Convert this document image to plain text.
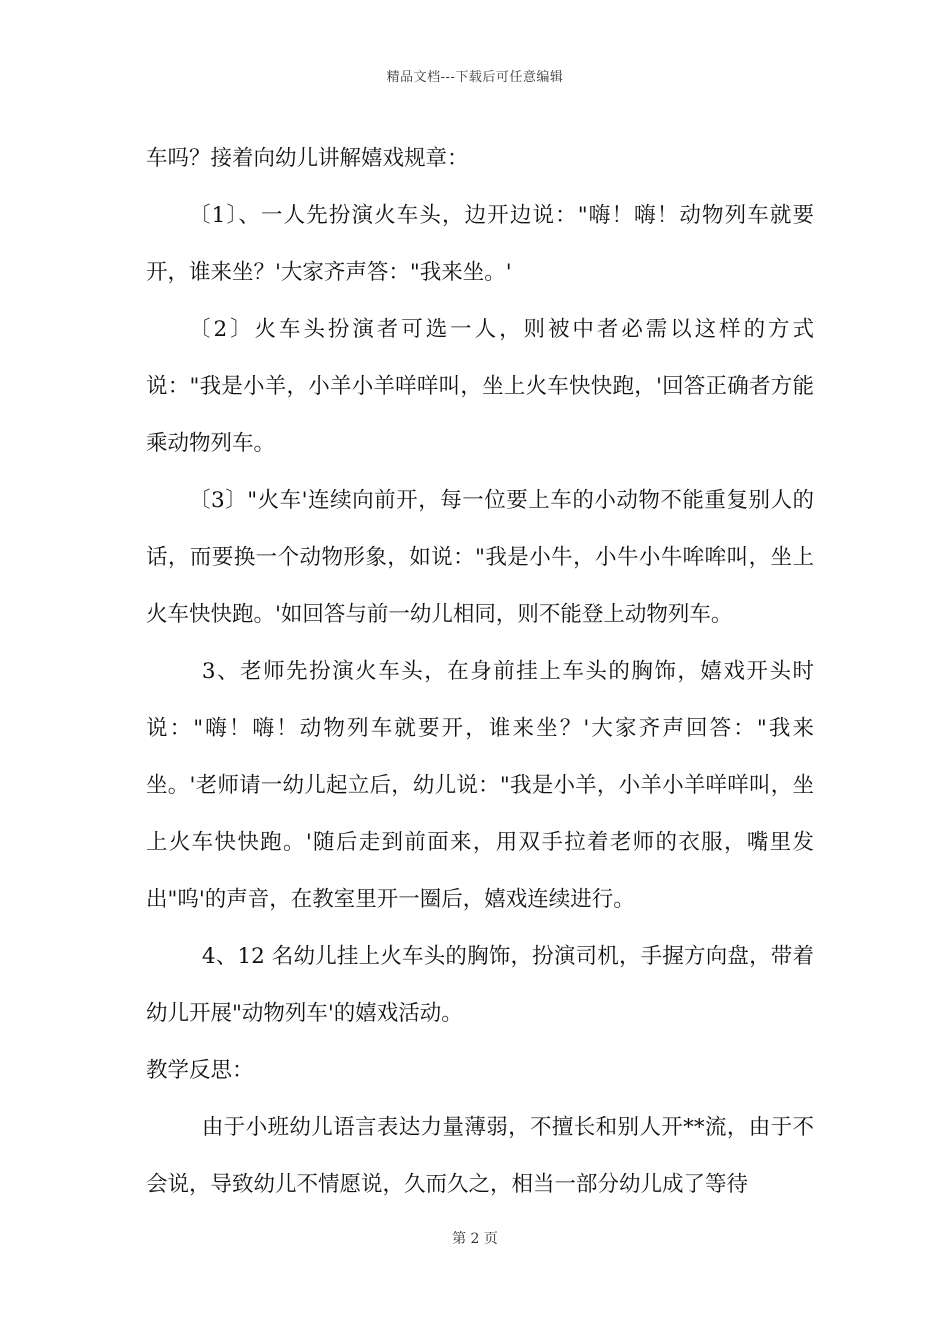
精品文档---下载后可任意编辑

车吗？接着向幼儿讲解嬉戏规章：

〔1〕、一人先扮演火车头，边开边说："嗨！嗨！动物列车就要开，谁来坐？'大家齐声答："我来坐。'

〔2〕火车头扮演者可选一人，则被中者必需以这样的方式说："我是小羊，小羊小羊咩咩叫，坐上火车快快跑，'回答正确者方能乘动物列车。

〔3〕"火车'连续向前开，每一位要上车的小动物不能重复别人的话，而要换一个动物形象，如说："我是小牛，小牛小牛哞哞叫，坐上火车快快跑。'如回答与前一幼儿相同，则不能登上动物列车。

3、老师先扮演火车头，在身前挂上车头的胸饰，嬉戏开头时说："嗨！嗨！动物列车就要开，谁来坐？'大家齐声回答："我来坐。'老师请一幼儿起立后，幼儿说："我是小羊，小羊小羊咩咩叫，坐上火车快快跑。'随后走到前面来，用双手拉着老师的衣服，嘴里发出"呜'的声音，在教室里开一圈后，嬉戏连续进行。

4、12 名幼儿挂上火车头的胸饰，扮演司机，手握方向盘，带着幼儿开展"动物列车'的嬉戏活动。

教学反思：

由于小班幼儿语言表达力量薄弱，不擅长和别人开**流，由于不会说，导致幼儿不情愿说，久而久之，相当一部分幼儿成了等待

第 2 页
